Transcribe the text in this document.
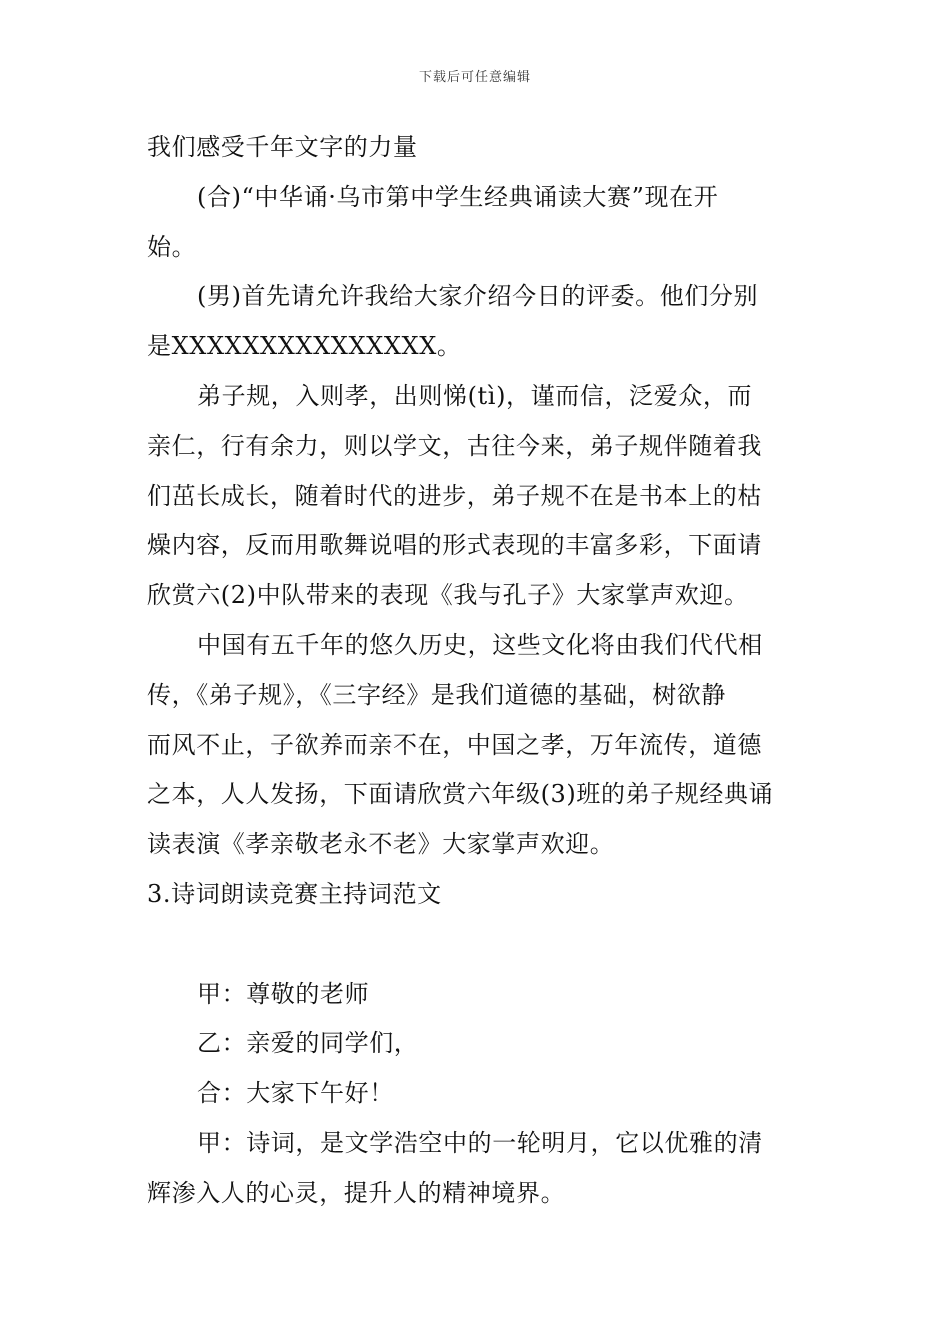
下载后可任意编辑
我们感受千年文字的力量
(合)“中华诵·乌市第中学生经典诵读大赛”现在开
始。
(男)首先请允许我给大家介绍今日的评委。他们分别
是XXXXXXXXXXXXXXX。
弟子规，入则孝，出则悌(tì)，谨而信，泛爱众，而
亲仁，行有余力，则以学文，古往今来，弟子规伴随着我
们茁长成长，随着时代的进步，弟子规不在是书本上的枯
燥内容，反而用歌舞说唱的形式表现的丰富多彩，下面请
欣赏六(2)中队带来的表现《我与孔子》大家掌声欢迎。
中国有五千年的悠久历史，这些文化将由我们代代相
传，《弟子规》，《三字经》是我们道德的基础，树欲静
而风不止，子欲养而亲不在，中国之孝，万年流传，道德
之本，人人发扬，下面请欣赏六年级(3)班的弟子规经典诵
读表演《孝亲敬老永不老》大家掌声欢迎。
3.诗词朗读竞赛主持词范文
甲：尊敬的老师
乙：亲爱的同学们，
合：大家下午好！
甲：诗词，是文学浩空中的一轮明月，它以优雅的清
辉渗入人的心灵，提升人的精神境界。
